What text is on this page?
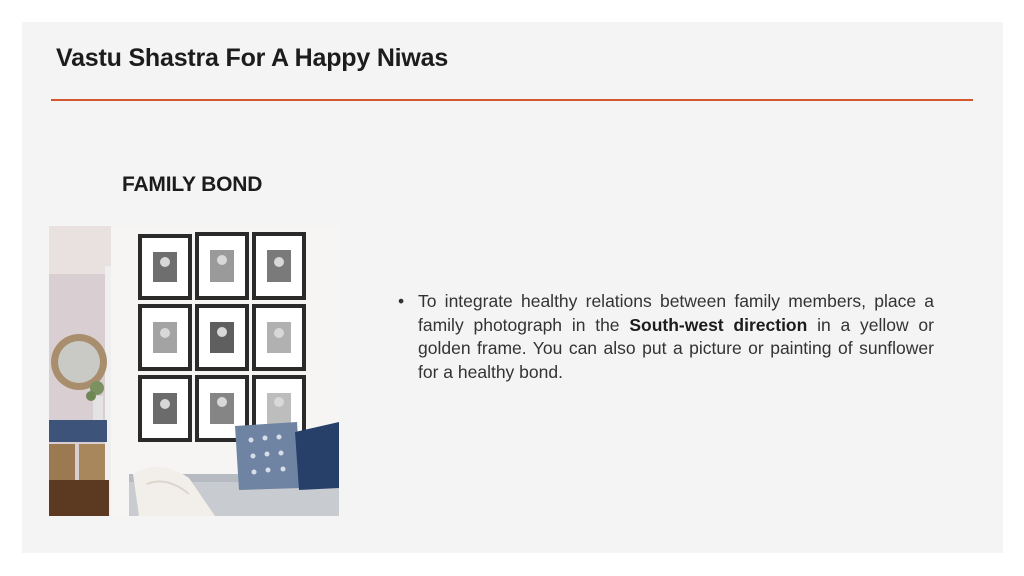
Vastu Shastra For A Happy Niwas
FAMILY BOND
• To integrate healthy relations between family members, place a family photograph in the South-west direction in a yellow or golden frame. You can also put a picture or painting of sunflower for a healthy bond.
